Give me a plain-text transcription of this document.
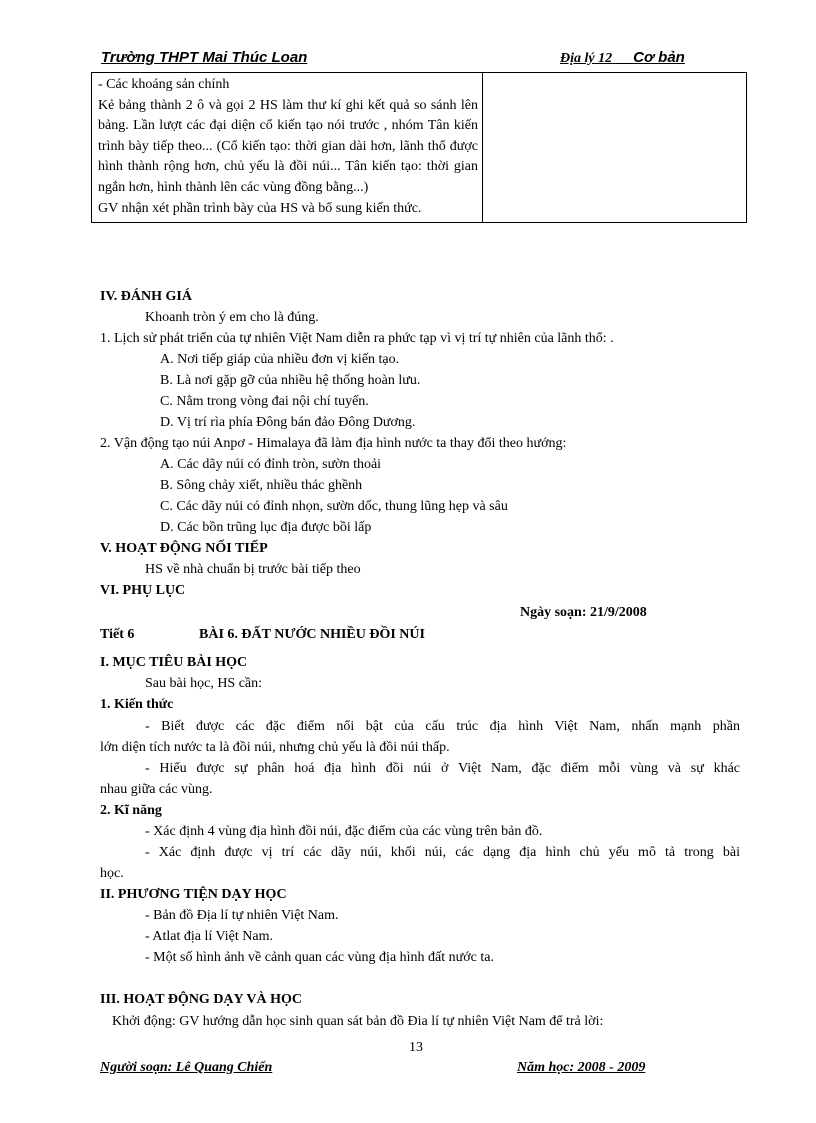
Trường THPT Mai Thúc Loan	Địa lý 12  __Cơ bản

- Các khoáng sản chính

Kẻ bảng thành 2 ô và gọi 2 HS làm thư kí ghi kết quả so sánh lên bảng. Lần lượt các đại diện cổ kiến tạo nói trước , nhóm Tân kiến trình bày tiếp theo... (Cổ kiến tạo: thời gian dài hơn, lãnh thổ được hình thành rộng hơn, chủ yếu là đồi núi... Tân kiến tạo: thời gian ngắn hơn, hình thành lên các vùng đồng bằng...)

GV nhận xét phần trình bày của HS và bổ sung kiến thức.

IV. ĐÁNH GIÁ
Khoanh tròn ý em cho là đúng.
1. Lịch sử phát triển của tự nhiên Việt Nam diễn ra phức tạp vì vị trí tự nhiên của lãnh thổ: .
A. Nơi tiếp giáp của nhiều đơn vị kiến tạo.
B. Là nơi gặp gỡ của nhiều hệ thống hoàn lưu.
C. Nằm trong vòng đai nội chí tuyến.
D. Vị trí rìa phía Đông bán đảo Đông Dương.
2. Vận động tạo núi Anpơ - Himalaya đã làm địa hình nước ta thay đổi theo hướng:
A. Các dãy núi có đỉnh tròn, sườn thoải
B. Sông chảy xiết, nhiều thác ghềnh
C. Các dãy núi có đỉnh nhọn, sườn dốc, thung lũng hẹp và sâu
D. Các bồn trũng lục địa được bồi lấp
V. HOẠT ĐỘNG NỐI TIẾP
HS về nhà chuẩn bị trước bài tiếp theo
VI. PHỤ LỤC
Ngày soạn: 21/9/2008
Tiết 6	BÀI 6. ĐẤT NƯỚC NHIỀU ĐỒI NÚI
I. MỤC TIÊU BÀI HỌC
Sau bài học, HS cần:
1. Kiến thức
- Biết được các đặc điểm nổi bật của cấu trúc địa hình Việt Nam, nhấn mạnh phần
lớn diện tích nước ta là đồi núi, nhưng chủ yếu là đồi núi thấp.
- Hiểu được sự phân hoá địa hình đồi núi ở Việt Nam, đặc điểm mỗi vùng và sự khác
nhau giữa các vùng.
2. Kĩ năng
- Xác định 4 vùng địa hình đồi núi, đặc điểm của các vùng trên bản đồ.
- Xác định được vị trí các dãy núi, khối núi, các dạng địa hình chủ yếu mô tả trong bài
học.
II. PHƯƠNG TIỆN DẠY HỌC
- Bản đồ Địa lí tự nhiên Việt Nam.
- Atlat địa lí Việt Nam.
- Một số hình ảnh về cảnh quan các vùng địa hình đất nước ta.
III. HOẠT ĐỘNG DẠY VÀ HỌC
Khởi động: GV hướng dẫn học sinh quan sát bản đồ Đia lí tự nhiên Việt Nam để trả lời:
13
Người soạn: Lê Quang Chiến	Năm học: 2008 - 2009
